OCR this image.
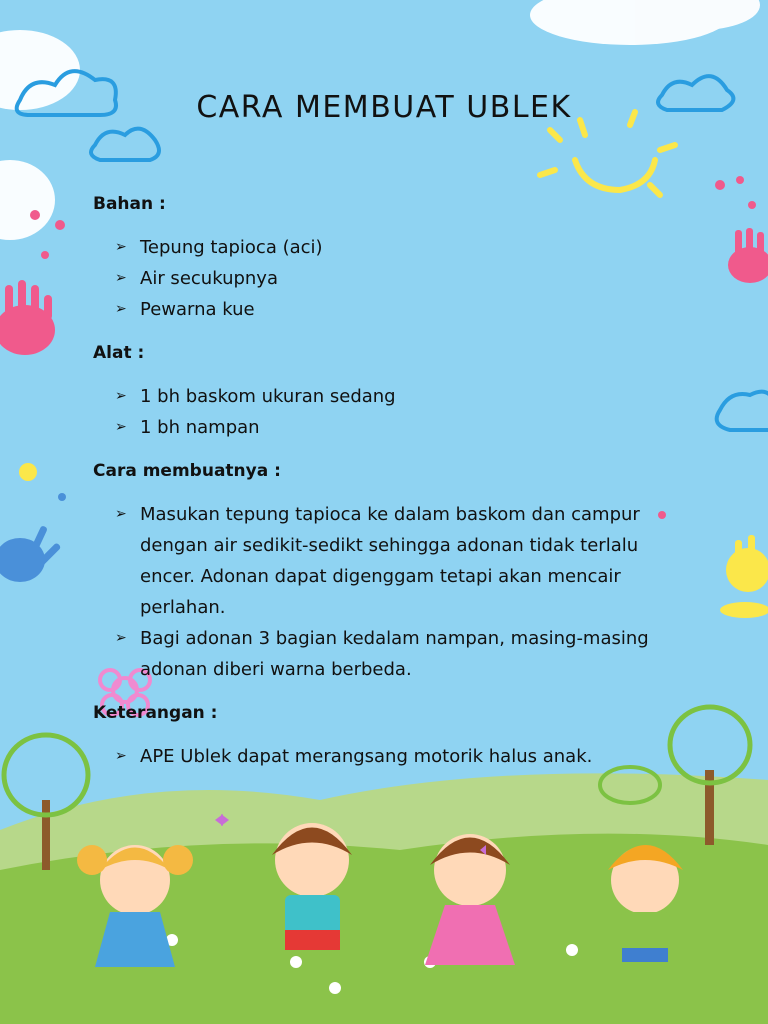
CARA MEMBUAT UBLEK
Bahan :
➢ Tepung tapioca (aci)
➢ Air secukupnya
➢ Pewarna kue
Alat :
➢ 1 bh baskom ukuran sedang
➢ 1 bh nampan
Cara membuatnya :
➢ Masukan tepung tapioca ke dalam baskom dan campur dengan air sedikit-sedikt sehingga adonan tidak terlalu encer. Adonan dapat digenggam tetapi akan mencair perlahan.
➢ Bagi adonan 3 bagian kedalam nampan, masing-masing adonan diberi warna berbeda.
Keterangan :
➢ APE Ublek dapat merangsang motorik halus anak.
